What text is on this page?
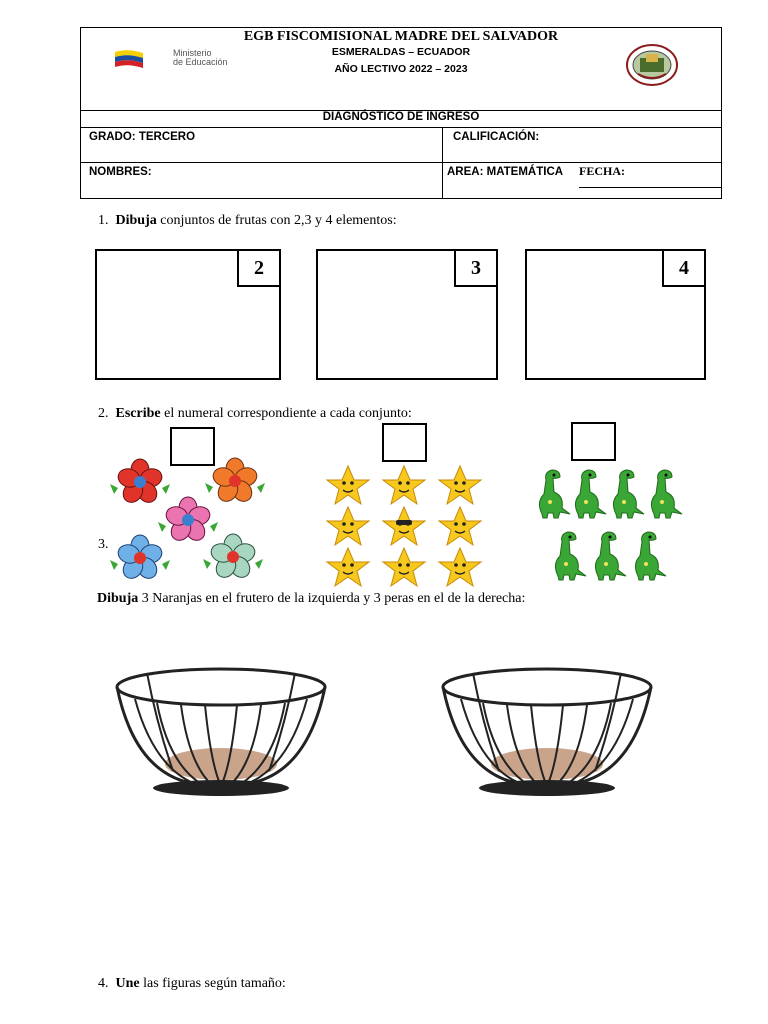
EGB FISCOMISIONAL MADRE DEL SALVADOR
ESMERALDAS – ECUADOR
AÑO LECTIVO 2022 – 2023
Ministerio
de Educación
DIAGNÓSTICO DE INGRESO
GRADO: TERCERO	CALIFICACIÓN:
NOMBRES:	AREA: MATEMÁTICA FECHA:
1. Dibuja conjuntos de frutas con 2,3 y 4 elementos:
2	3	4
2. Escribe el numeral correspondiente a cada conjunto:
3.
Dibuja 3 Naranjas en el frutero de la izquierda y 3 peras en el de la derecha:
4. Une las figuras según tamaño:
